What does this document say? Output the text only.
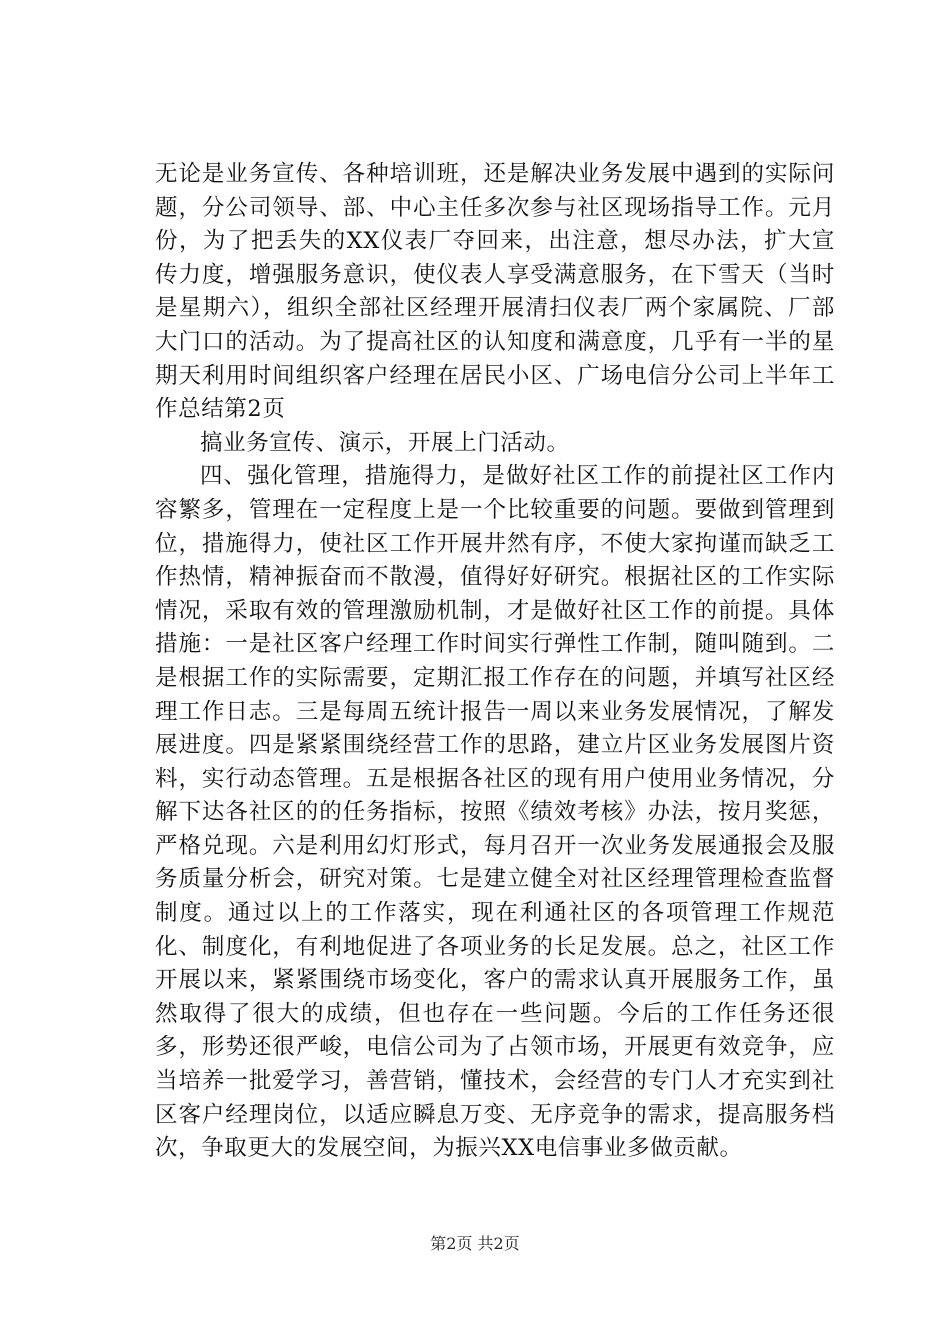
无论是业务宣传、各种培训班，还是解决业务发展中遇到的实际问题，分公司领导、部、中心主任多次参与社区现场指导工作。元月份，为了把丢失的XX仪表厂夺回来，出注意，想尽办法，扩大宣传力度，增强服务意识，使仪表人享受满意服务，在下雪天（当时是星期六），组织全部社区经理开展清扫仪表厂两个家属院、厂部大门口的活动。为了提高社区的认知度和满意度，几乎有一半的星期天利用时间组织客户经理在居民小区、广场电信分公司上半年工作总结第2页

搞业务宣传、演示，开展上门活动。

四、强化管理，措施得力，是做好社区工作的前提社区工作内容繁多，管理在一定程度上是一个比较重要的问题。要做到管理到位，措施得力，使社区工作开展井然有序，不使大家拘谨而缺乏工作热情，精神振奋而不散漫，值得好好研究。根据社区的工作实际情况，采取有效的管理激励机制，才是做好社区工作的前提。具体措施：一是社区客户经理工作时间实行弹性工作制，随叫随到。二是根据工作的实际需要，定期汇报工作存在的问题，并填写社区经理工作日志。三是每周五统计报告一周以来业务发展情况，了解发展进度。四是紧紧围绕经营工作的思路，建立片区业务发展图片资料，实行动态管理。五是根据各社区的现有用户使用业务情况，分解下达各社区的的任务指标，按照《绩效考核》办法，按月奖惩，严格兑现。六是利用幻灯形式，每月召开一次业务发展通报会及服务质量分析会，研究对策。七是建立健全对社区经理管理检查监督制度。通过以上的工作落实，现在利通社区的各项管理工作规范化、制度化，有利地促进了各项业务的长足发展。总之，社区工作开展以来，紧紧围绕市场变化，客户的需求认真开展服务工作，虽然取得了很大的成绩，但也存在一些问题。今后的工作任务还很多，形势还很严峻，电信公司为了占领市场，开展更有效竞争，应当培养一批爱学习，善营销，懂技术，会经营的专门人才充实到社区客户经理岗位，以适应瞬息万变、无序竞争的需求，提高服务档次，争取更大的发展空间，为振兴XX电信事业多做贡献。

第2页 共2页
